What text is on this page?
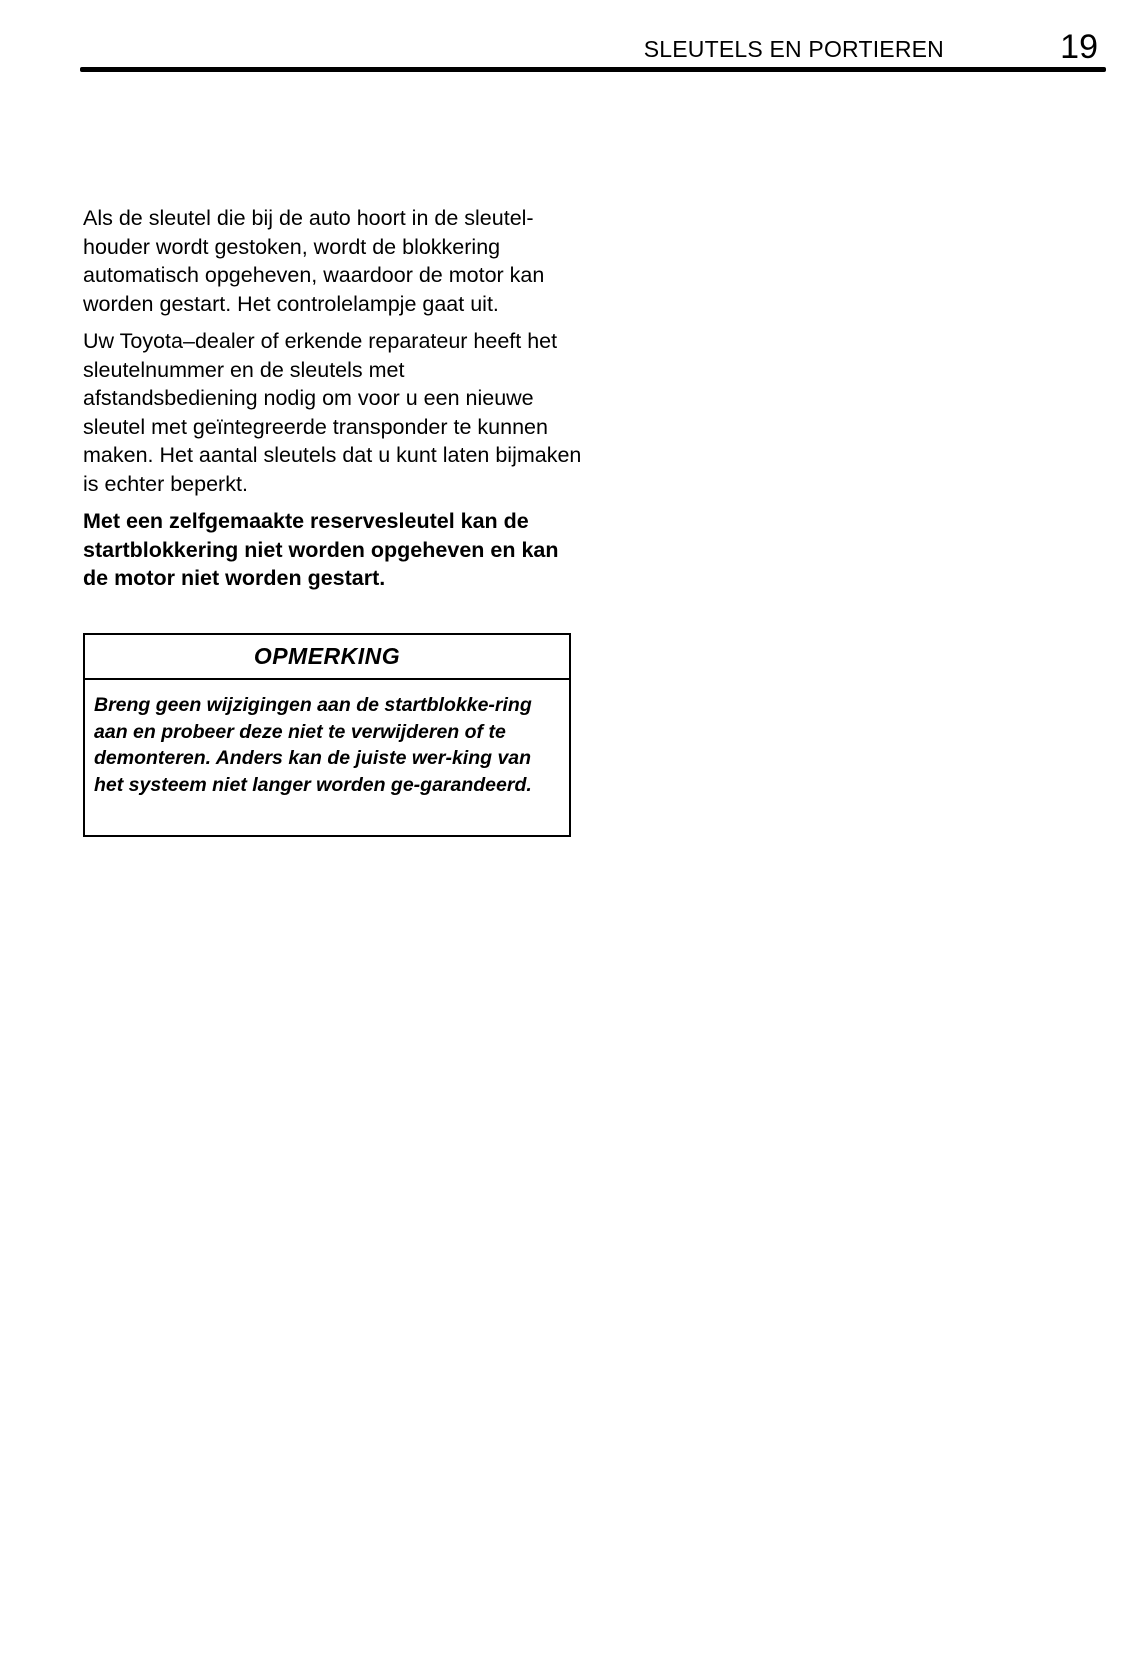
SLEUTELS EN PORTIEREN	19

Als de sleutel die bij de auto hoort in de sleutel-houder wordt gestoken, wordt de blokkering automatisch opgeheven, waardoor de motor kan worden gestart. Het controlelampje gaat uit.

Uw Toyota–dealer of erkende reparateur heeft het sleutelnummer en de sleutels met afstandsbediening nodig om voor u een nieuwe sleutel met geïntegreerde transponder te kunnen maken. Het aantal sleutels dat u kunt laten bijmaken is echter beperkt.

Met een zelfgemaakte reservesleutel kan de startblokkering niet worden opgeheven en kan de motor niet worden gestart.

OPMERKING
Breng geen wijzigingen aan de startblokke-ring aan en probeer deze niet te verwijderen of te demonteren. Anders kan de juiste wer-king van het systeem niet langer worden ge-garandeerd.
